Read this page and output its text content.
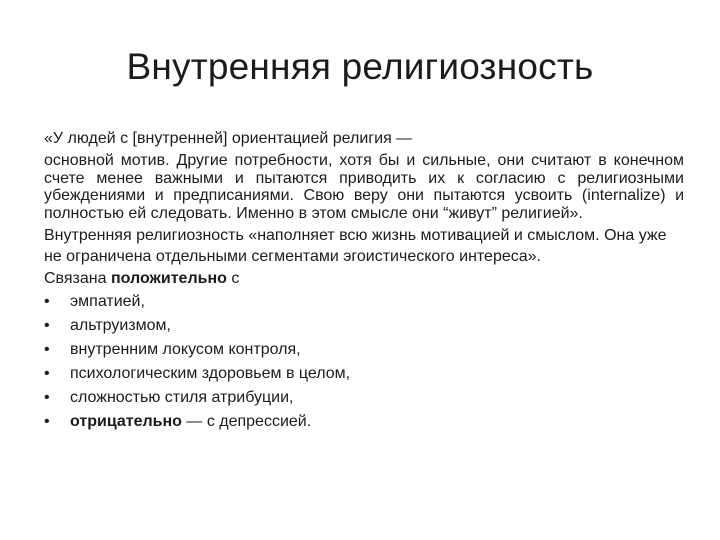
Внутренняя религиозность

«У людей с [внутренней] ориентацией религия —

основной мотив. Другие потребности, хотя бы и сильные, они считают в конечном счете менее важными и пытаются приводить их к согласию с религиозными убеждениями и предписаниями. Свою веру они пытаются усвоить (internalize) и полностью ей следовать. Именно в этом смысле они “живут” религией».

Внутренняя религиозность «наполняет всю жизнь мотивацией и смыслом. Она уже не ограничена отдельными сегментами эгоистического интереса».

Связана положительно с

• эмпатией,
• альтруизмом,
• внутренним локусом контроля,
• психологическим здоровьем в целом,
• сложностью стиля атрибуции,
• отрицательно — с депрессией.
